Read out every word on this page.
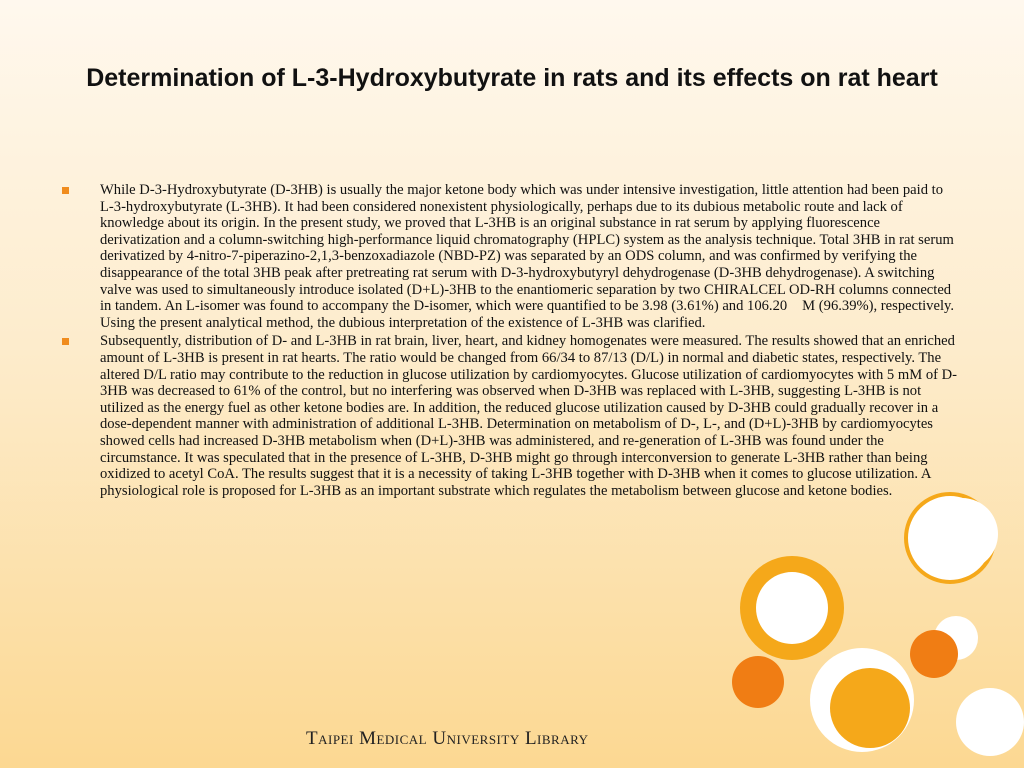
Determination of L-3-Hydroxybutyrate in rats and its effects on rat heart
While D-3-Hydroxybutyrate (D-3HB) is usually the major ketone body which was under intensive investigation, little attention had been paid to L-3-hydroxybutyrate (L-3HB). It had been considered nonexistent physiologically, perhaps due to its dubious metabolic route and lack of knowledge about its origin. In the present study, we proved that L-3HB is an original substance in rat serum by applying fluorescence derivatization and a column-switching high-performance liquid chromatography (HPLC) system as the analysis technique. Total 3HB in rat serum derivatized by 4-nitro-7-piperazino-2,1,3-benzoxadiazole (NBD-PZ) was separated by an ODS column, and was confirmed by verifying the disappearance of the total 3HB peak after pretreating rat serum with D-3-hydroxybutyryl dehydrogenase (D-3HB dehydrogenase). A switching valve was used to simultaneously introduce isolated (D+L)-3HB to the enantiomeric separation by two CHIRALCEL OD-RH columns connected in tandem. An L-isomer was found to accompany the D-isomer, which were quantified to be 3.98 (3.61%) and 106.20 M (96.39%), respectively. Using the present analytical method, the dubious interpretation of the existence of L-3HB was clarified.
Subsequently, distribution of D- and L-3HB in rat brain, liver, heart, and kidney homogenates were measured. The results showed that an enriched amount of L-3HB is present in rat hearts. The ratio would be changed from 66/34 to 87/13 (D/L) in normal and diabetic states, respectively. The altered D/L ratio may contribute to the reduction in glucose utilization by cardiomyocytes. Glucose utilization of cardiomyocytes with 5 mM of D-3HB was decreased to 61% of the control, but no interfering was observed when D-3HB was replaced with L-3HB, suggesting L-3HB is not utilized as the energy fuel as other ketone bodies are. In addition, the reduced glucose utilization caused by D-3HB could gradually recover in a dose-dependent manner with administration of additional L-3HB. Determination on metabolism of D-, L-, and (D+L)-3HB by cardiomyocytes showed cells had increased D-3HB metabolism when (D+L)-3HB was administered, and re-generation of L-3HB was found under the circumstance. It was speculated that in the presence of L-3HB, D-3HB might go through interconversion to generate L-3HB rather than being oxidized to acetyl CoA. The results suggest that it is a necessity of taking L-3HB together with D-3HB when it comes to glucose utilization. A physiological role is proposed for L-3HB as an important substrate which regulates the metabolism between glucose and ketone bodies.
Taipei Medical University Library
